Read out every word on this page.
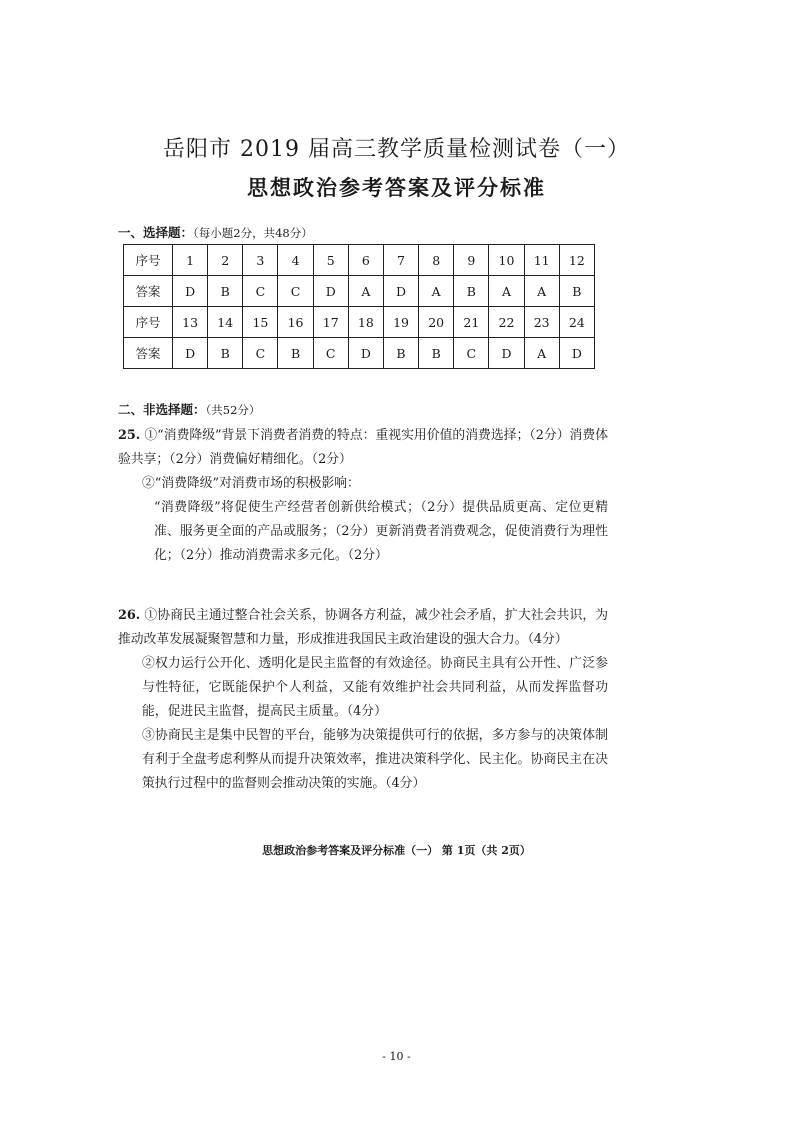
岳阳市 2019 届高三教学质量检测试卷（一）
思想政治参考答案及评分标准
一、选择题：（每小题2分，共48分）
序号	1	2	3	4	5	6	7	8	9	10	11	12
答案	D	B	C	C	D	A	D	A	B	A	A	B
序号	13	14	15	16	17	18	19	20	21	22	23	24
答案	D	B	C	B	C	D	B	B	C	D	A	D
二、非选择题：（共52分）

25. ①“消费降级”背景下消费者消费的特点：重视实用价值的消费选择；（2分）消费体验共享；（2分）消费偏好精细化。（2分）

②“消费降级”对消费市场的积极影响：

“消费降级”将促使生产经营者创新供给模式；（2分）提供品质更高、定位更精准、服务更全面的产品或服务；（2分）更新消费者消费观念，促使消费行为理性化；（2分）推动消费需求多元化。（2分）

26. ①协商民主通过整合社会关系，协调各方利益，减少社会矛盾，扩大社会共识，为推动改革发展凝聚智慧和力量，形成推进我国民主政治建设的强大合力。（4分）

②权力运行公开化、透明化是民主监督的有效途径。协商民主具有公开性、广泛参与性特征，它既能保护个人利益，又能有效维护社会共同利益，从而发挥监督功能，促进民主监督，提高民主质量。（4分）

③协商民主是集中民智的平台，能够为决策提供可行的依据，多方参与的决策体制有利于全盘考虑利弊从而提升决策效率，推进决策科学化、民主化。协商民主在决策执行过程中的监督则会推动决策的实施。（4分）

思想政治参考答案及评分标准（一） 第 1页（共 2页）
- 10 -
